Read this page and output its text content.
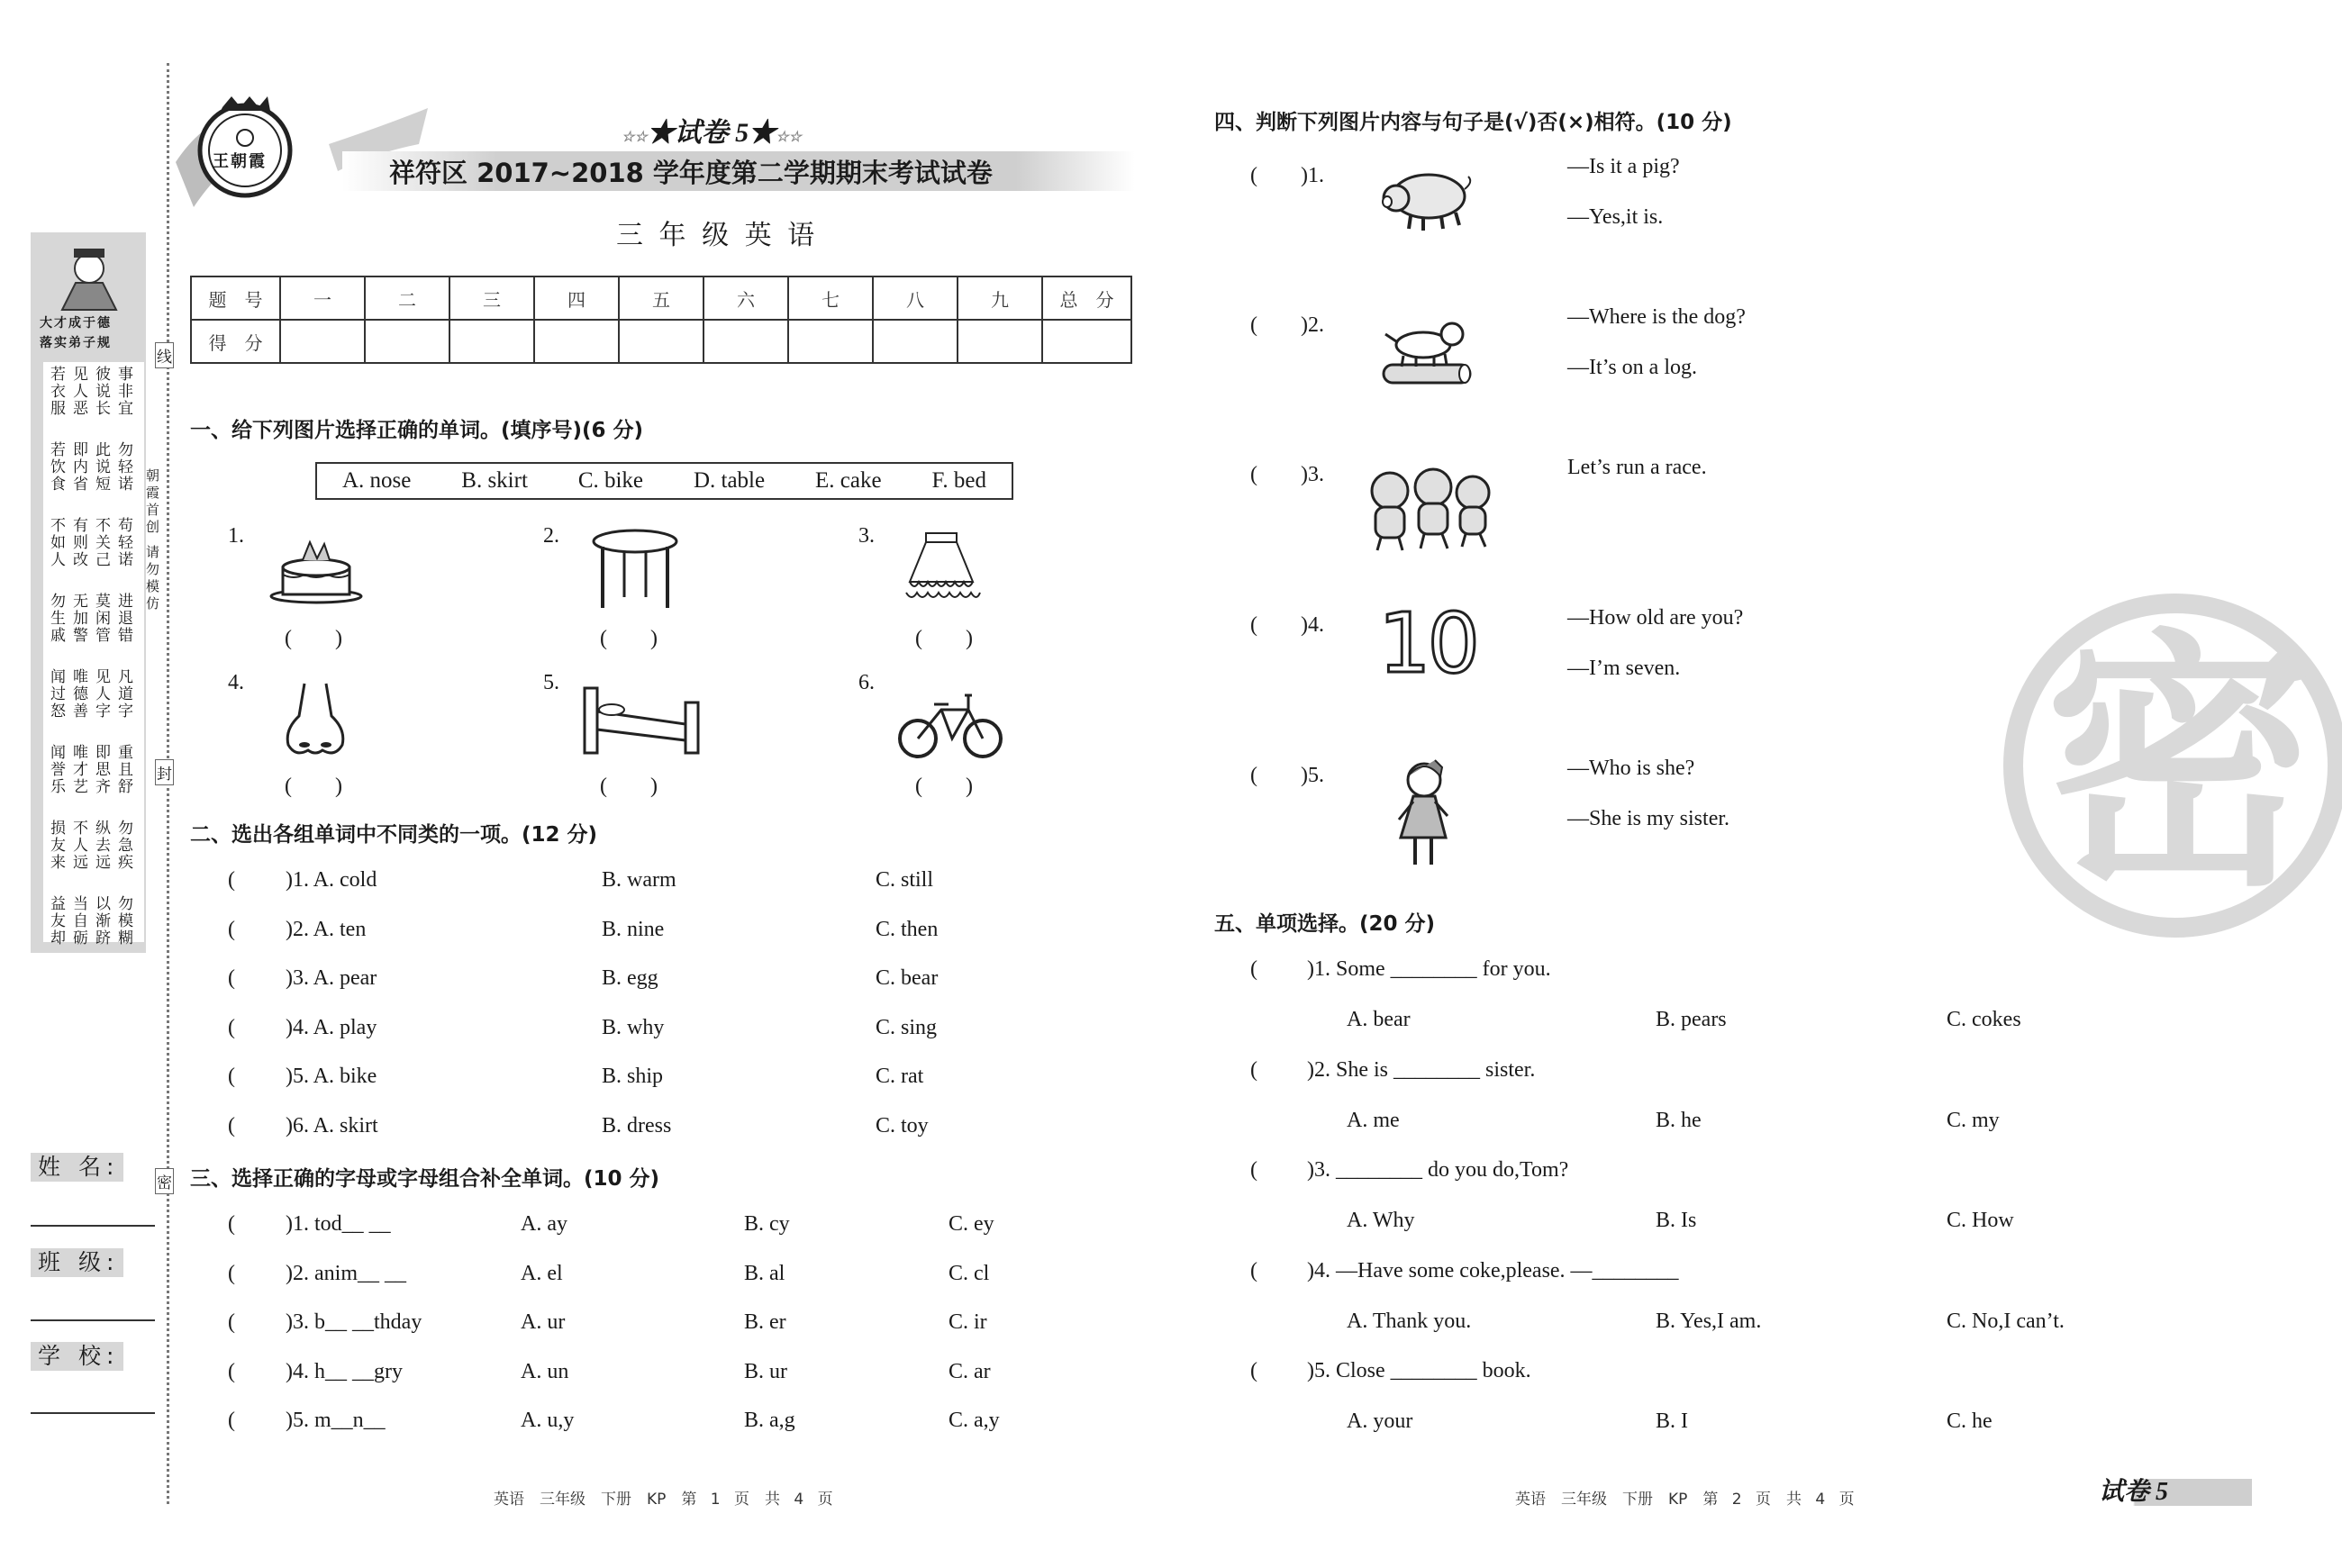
线
封
密
大才成于德
落实弟子规
若衣服 见人恶 彼说长 事非宜若饮食 即内省 此说短 勿轻诺不如人 有则改 不关己 苟轻诺勿生戚 无加警 莫闲管 进退错闻过怒 唯德善 见人字 凡道字闻誉乐 唯才艺 即思齐 重且舒损友来 不人远 纵去远 勿急疾益友却 当自砺 以渐跻 勿模糊
朝霞首创 请勿模仿
姓 名:
班 级:
学 校:
王朝霞
☆☆★试卷 5★☆☆
祥符区 2017~2018 学年度第二学期期末考试试卷
三 年 级 英 语
题　号	一	二	三	四	五	六	七	八	九	总　分
得　分										
一、给下列图片选择正确的单词。(填序号)(6 分)
A. nose B. skirt C. bike D. table E. cake F. bed
1.
(　　)
2.
(　　)
3.
(　　)
4.
(　　)
5.
(　　)
6.
(　　)
二、选出各组单词中不同类的一项。(12 分)
( )1. A. cold	B. warm	C. still
( )2. A. ten	B. nine	C. then
( )3. A. pear	B. egg	C. bear
( )4. A. play	B. why	C. sing
( )5. A. bike	B. ship	C. rat
( )6. A. skirt	B. dress	C. toy
三、选择正确的字母或字母组合补全单词。(10 分)
( )1. tod__ __	A. ay	B. cy	C. ey
( )2. anim__ __	A. el	B. al	C. cl
( )3. b__ __thday	A. ur	B. er	C. ir
( )4. h__ __gry	A. un	B. ur	C. ar
( )5. m__n__	A. u,y	B. a,g	C. a,y
英语　三年级　下册　KP　第 1 页　共 4 页
四、判断下列图片内容与句子是(√)否(×)相符。(10 分)
(　　)1.	—Is it a pig?
—Yes,it is.
(　　)2.	—Where is the dog?
—It’s on a log.
(　　)3.	Let’s run a race.
(　　)4. 10	—How old are you?
—I’m seven.
(　　)5.	—Who is she?
—She is my sister.
五、单项选择。(20 分)
( )1. Some ________ for you.
A. bear	B. pears	C. cokes
( )2. She is ________ sister.
A. me	B. he	C. my
( )3. ________ do you do,Tom?
A. Why	B. Is	C. How
( )4. —Have some coke,please. —________
A. Thank you.	B. Yes,I am.	C. No,I can’t.
( )5. Close ________ book.
A. your	B. I	C. he
英语　三年级　下册　KP　第 2 页　共 4 页	试卷 5
密
